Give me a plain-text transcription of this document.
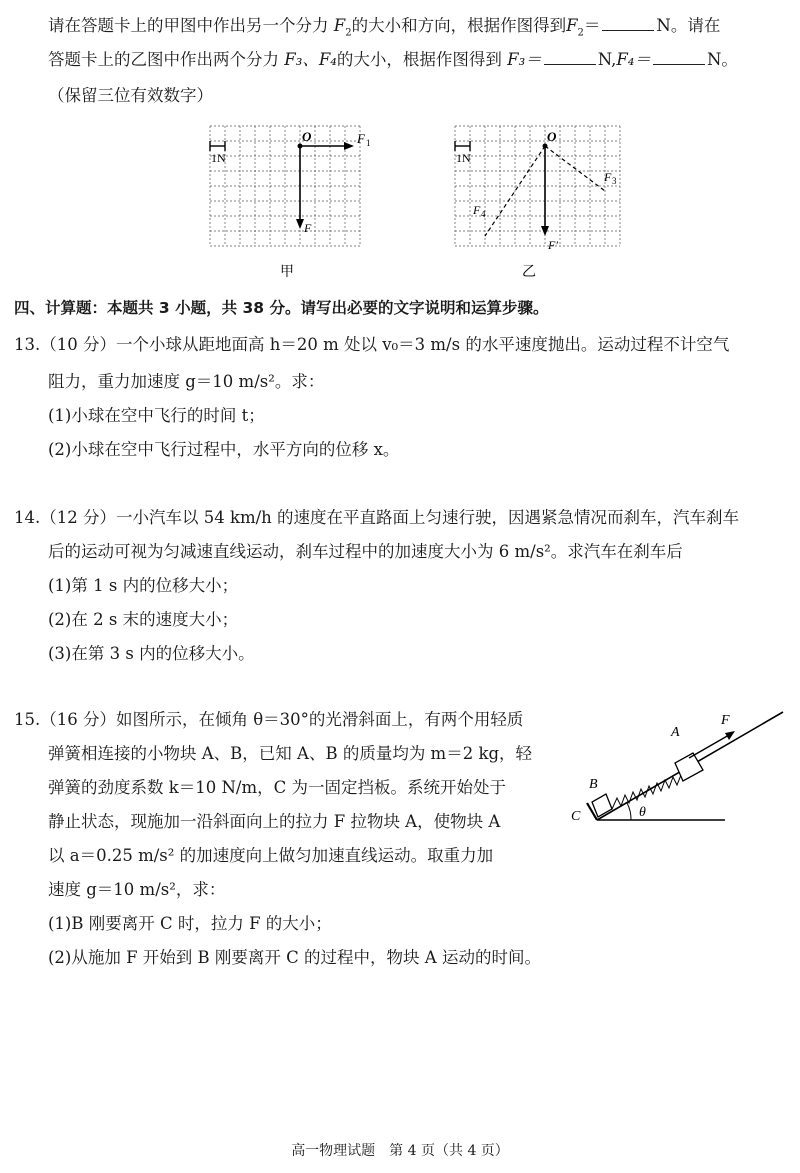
请在答题卡上的甲图中作出另一个分力 $F_2$的大小和方向，根据作图得到$F_2=$	N。请在
答题卡上的乙图中作出两个分力 F₃、F₄的大小，根据作图得到 F₃＝	N,F₄＝	N。
（保留三位有效数字）
1N
O	F 1
F
甲
1N
O
F 3
F 4
F′
乙
四、计算题：本题共 3 小题，共 38 分。请写出必要的文字说明和运算步骤。
13.（10 分）一个小球从距地面高 h＝20 m 处以 v₀＝3 m/s 的水平速度抛出。运动过程不计空气
阻力，重力加速度 g＝10 m/s²。求：
(1)小球在空中飞行的时间 t；
(2)小球在空中飞行过程中，水平方向的位移 x。
14.（12 分）一小汽车以 54 km/h 的速度在平直路面上匀速行驶，因遇紧急情况而刹车，汽车刹车
后的运动可视为匀减速直线运动，刹车过程中的加速度大小为 6 m/s²。求汽车在刹车后
(1)第 1 s 内的位移大小；
(2)在 2 s 末的速度大小；
(3)在第 3 s 内的位移大小。
15.（16 分）如图所示，在倾角 θ＝30°的光滑斜面上，有两个用轻质
弹簧相连接的小物块 A、B，已知 A、B 的质量均为 m＝2 kg，轻
弹簧的劲度系数 k＝10 N/m，C 为一固定挡板。系统开始处于
静止状态，现施加一沿斜面向上的拉力 F 拉物块 A，使物块 A
以 a＝0.25 m/s² 的加速度向上做匀加速直线运动。取重力加
速度 g＝10 m/s²，求：
(1)B 刚要离开 C 时，拉力 F 的大小；
(2)从施加 F 开始到 B 刚要离开 C 的过程中，物块 A 运动的时间。
θ
C
B
A
F
高一物理试题　第 4 页（共 4 页）
